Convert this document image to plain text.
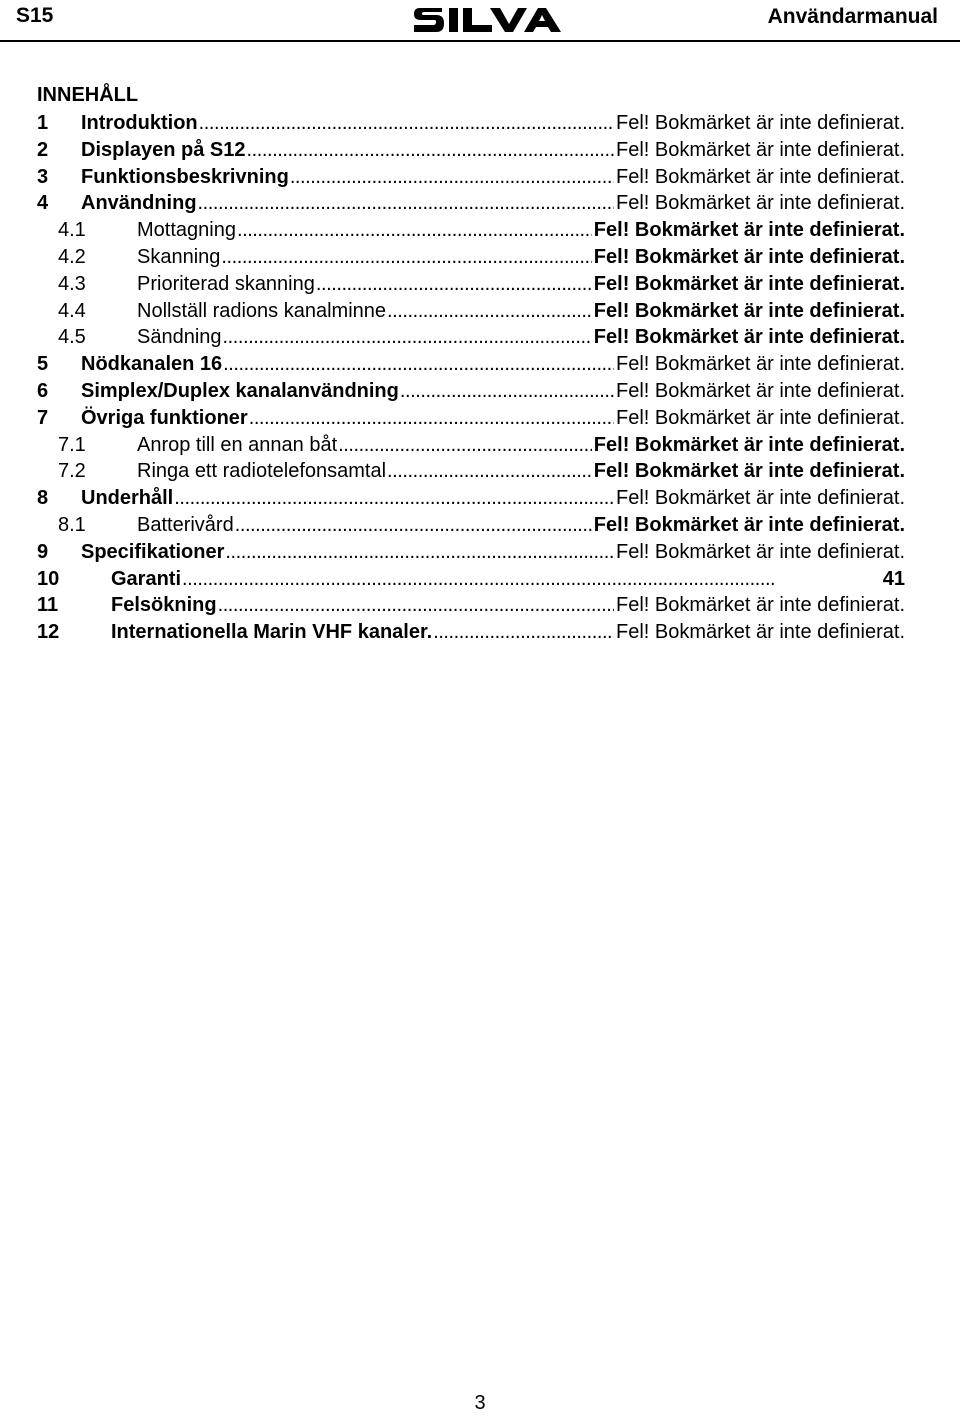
S15	Användarmanual
INNEHÅLL
1 Introduktion	Fel! Bokmärket är inte definierat.
. . .
2 Displayen på S12	Fel! Bokmärket är inte definierat.
. . .
3 Funktionsbeskrivning	Fel! Bokmärket är inte definierat.
. . .
4 Användning	Fel! Bokmärket är inte definierat.
. . .
4.1	Mottagning	Fel! Bokmärket är inte definierat.
. . .
4.2	Skanning	Fel! Bokmärket är inte definierat.
. . .
4.3	Prioriterad skanning	Fel! Bokmärket är inte definierat.
. . .
4.4	Nollställ radions kanalminne	Fel! Bokmärket är inte definierat.
. . .
4.5	Sändning	Fel! Bokmärket är inte definierat.
. . .
5 Nödkanalen 16	Fel! Bokmärket är inte definierat.
. . .
6 Simplex/Duplex kanalanvändning	Fel! Bokmärket är inte definierat.
. . .
7 Övriga funktioner	Fel! Bokmärket är inte definierat.
. . .
7.1	Anrop till en annan båt	Fel! Bokmärket är inte definierat.
. . .
7.2	Ringa ett radiotelefonsamtal	Fel! Bokmärket är inte definierat.
. . .
8 Underhåll	Fel! Bokmärket är inte definierat.
. . .
8.1	Batterivård	Fel! Bokmärket är inte definierat.
. . .
9 Specifikationer	Fel! Bokmärket är inte definierat.
. . .
10	Garanti	41
. . .
11	Felsökning	Fel! Bokmärket är inte definierat.
. . .
12	Internationella Marin VHF kanaler.	Fel! Bokmärket är inte definierat.
. . .
3
